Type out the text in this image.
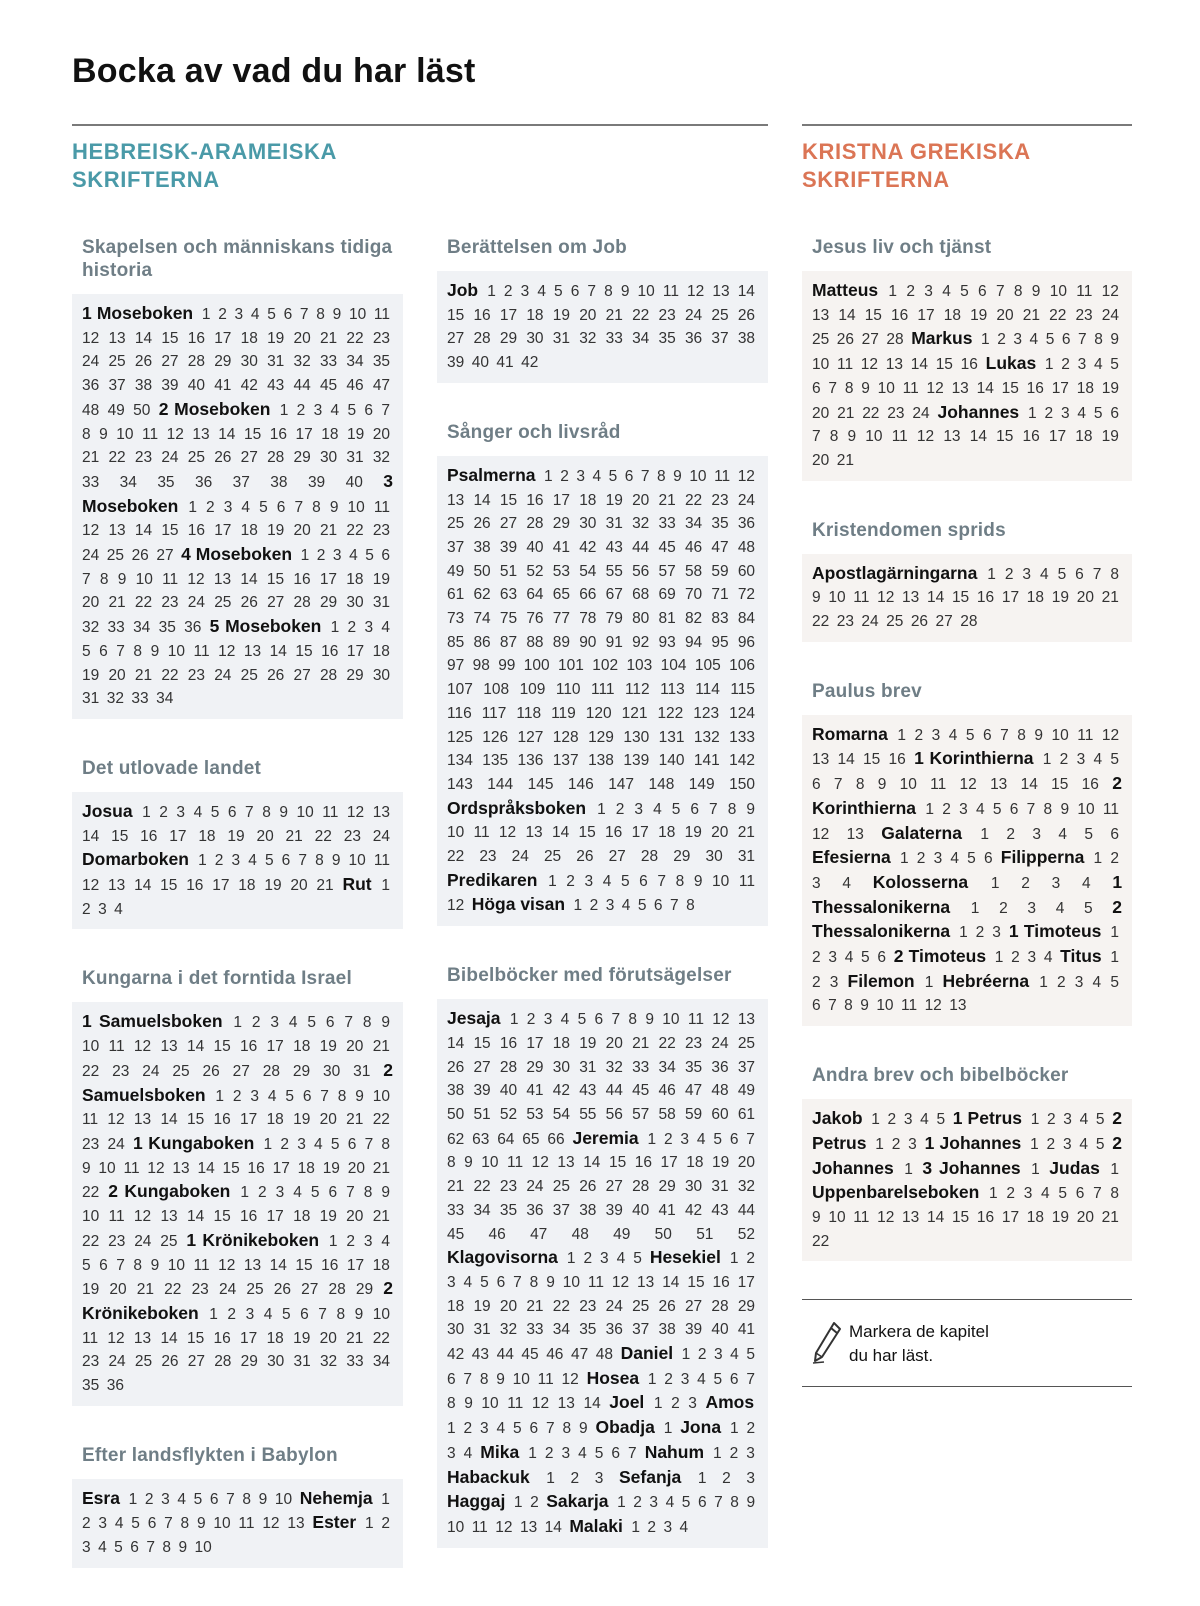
Bocka av vad du har läst
HEBREISK-ARAMEISKA SKRIFTERNA
KRISTNA GREKISKA SKRIFTERNA
Skapelsen och människans tidiga historia
1 Moseboken 1 2 3 4 5 6 7 8 9 10 11 12 13 14 15 16 17 18 19 20 21 22 23 24 25 26 27 28 29 30 31 32 33 34 35 36 37 38 39 40 41 42 43 44 45 46 47 48 49 50 2 Moseboken 1 2 3 4 5 6 7 8 9 10 11 12 13 14 15 16 17 18 19 20 21 22 23 24 25 26 27 28 29 30 31 32 33 34 35 36 37 38 39 40 3 Moseboken 1 2 3 4 5 6 7 8 9 10 11 12 13 14 15 16 17 18 19 20 21 22 23 24 25 26 27 4 Moseboken 1 2 3 4 5 6 7 8 9 10 11 12 13 14 15 16 17 18 19 20 21 22 23 24 25 26 27 28 29 30 31 32 33 34 35 36 5 Moseboken 1 2 3 4 5 6 7 8 9 10 11 12 13 14 15 16 17 18 19 20 21 22 23 24 25 26 27 28 29 30 31 32 33 34
Det utlovade landet
Josua 1 2 3 4 5 6 7 8 9 10 11 12 13 14 15 16 17 18 19 20 21 22 23 24 Domarboken 1 2 3 4 5 6 7 8 9 10 11 12 13 14 15 16 17 18 19 20 21 Rut 1 2 3 4
Kungarna i det forntida Israel
1 Samuelsboken 1 2 3 4 5 6 7 8 9 10 11 12 13 14 15 16 17 18 19 20 21 22 23 24 25 26 27 28 29 30 31 2 Samuelsboken 1 2 3 4 5 6 7 8 9 10 11 12 13 14 15 16 17 18 19 20 21 22 23 24 1 Kungaboken 1 2 3 4 5 6 7 8 9 10 11 12 13 14 15 16 17 18 19 20 21 22 2 Kungaboken 1 2 3 4 5 6 7 8 9 10 11 12 13 14 15 16 17 18 19 20 21 22 23 24 25 1 Krönikeboken 1 2 3 4 5 6 7 8 9 10 11 12 13 14 15 16 17 18 19 20 21 22 23 24 25 26 27 28 29 2 Krönikeboken 1 2 3 4 5 6 7 8 9 10 11 12 13 14 15 16 17 18 19 20 21 22 23 24 25 26 27 28 29 30 31 32 33 34 35 36
Efter landsflykten i Babylon
Esra 1 2 3 4 5 6 7 8 9 10 Nehemja 1 2 3 4 5 6 7 8 9 10 11 12 13 Ester 1 2 3 4 5 6 7 8 9 10
Berättelsen om Job
Job 1 2 3 4 5 6 7 8 9 10 11 12 13 14 15 16 17 18 19 20 21 22 23 24 25 26 27 28 29 30 31 32 33 34 35 36 37 38 39 40 41 42
Sånger och livsråd
Psalmerna 1 2 3 4 5 6 7 8 9 10 11 12 13 14 15 16 17 18 19 20 21 22 23 24 25 26 27 28 29 30 31 32 33 34 35 36 37 38 39 40 41 42 43 44 45 46 47 48 49 50 51 52 53 54 55 56 57 58 59 60 61 62 63 64 65 66 67 68 69 70 71 72 73 74 75 76 77 78 79 80 81 82 83 84 85 86 87 88 89 90 91 92 93 94 95 96 97 98 99 100 101 102 103 104 105 106 107 108 109 110 111 112 113 114 115 116 117 118 119 120 121 122 123 124 125 126 127 128 129 130 131 132 133 134 135 136 137 138 139 140 141 142 143 144 145 146 147 148 149 150 Ordspråksboken 1 2 3 4 5 6 7 8 9 10 11 12 13 14 15 16 17 18 19 20 21 22 23 24 25 26 27 28 29 30 31 Predikaren 1 2 3 4 5 6 7 8 9 10 11 12 Höga visan 1 2 3 4 5 6 7 8
Bibelböcker med förutsägelser
Jesaja 1 2 3 4 5 6 7 8 9 10 11 12 13 14 15 16 17 18 19 20 21 22 23 24 25 26 27 28 29 30 31 32 33 34 35 36 37 38 39 40 41 42 43 44 45 46 47 48 49 50 51 52 53 54 55 56 57 58 59 60 61 62 63 64 65 66 Jeremia 1 2 3 4 5 6 7 8 9 10 11 12 13 14 15 16 17 18 19 20 21 22 23 24 25 26 27 28 29 30 31 32 33 34 35 36 37 38 39 40 41 42 43 44 45 46 47 48 49 50 51 52 Klagovisorna 1 2 3 4 5 Hesekiel 1 2 3 4 5 6 7 8 9 10 11 12 13 14 15 16 17 18 19 20 21 22 23 24 25 26 27 28 29 30 31 32 33 34 35 36 37 38 39 40 41 42 43 44 45 46 47 48 Daniel 1 2 3 4 5 6 7 8 9 10 11 12 Hosea 1 2 3 4 5 6 7 8 9 10 11 12 13 14 Joel 1 2 3 Amos 1 2 3 4 5 6 7 8 9 Obadja 1 Jona 1 2 3 4 Mika 1 2 3 4 5 6 7 Nahum 1 2 3 Habackuk 1 2 3 Sefanja 1 2 3 Haggaj 1 2 Sakarja 1 2 3 4 5 6 7 8 9 10 11 12 13 14 Malaki 1 2 3 4
Jesus liv och tjänst
Matteus 1 2 3 4 5 6 7 8 9 10 11 12 13 14 15 16 17 18 19 20 21 22 23 24 25 26 27 28 Markus 1 2 3 4 5 6 7 8 9 10 11 12 13 14 15 16 Lukas 1 2 3 4 5 6 7 8 9 10 11 12 13 14 15 16 17 18 19 20 21 22 23 24 Johannes 1 2 3 4 5 6 7 8 9 10 11 12 13 14 15 16 17 18 19 20 21
Kristendomen sprids
Apostlagärningarna 1 2 3 4 5 6 7 8 9 10 11 12 13 14 15 16 17 18 19 20 21 22 23 24 25 26 27 28
Paulus brev
Romarna 1 2 3 4 5 6 7 8 9 10 11 12 13 14 15 16 1 Korinthierna 1 2 3 4 5 6 7 8 9 10 11 12 13 14 15 16 2 Korinthierna 1 2 3 4 5 6 7 8 9 10 11 12 13 Galaterna 1 2 3 4 5 6 Efesierna 1 2 3 4 5 6 Filipperna 1 2 3 4 Kolosserna 1 2 3 4 1 Thessalonikerna 1 2 3 4 5 2 Thessalonikerna 1 2 3 1 Timoteus 1 2 3 4 5 6 2 Timoteus 1 2 3 4 Titus 1 2 3 Filemon 1 Hebréerna 1 2 3 4 5 6 7 8 9 10 11 12 13
Andra brev och bibelböcker
Jakob 1 2 3 4 5 1 Petrus 1 2 3 4 5 2 Petrus 1 2 3 1 Johannes 1 2 3 4 5 2 Johannes 1 3 Johannes 1 Judas 1 Uppenbarelseboken 1 2 3 4 5 6 7 8 9 10 11 12 13 14 15 16 17 18 19 20 21 22
Markera de kapitel
du har läst.
